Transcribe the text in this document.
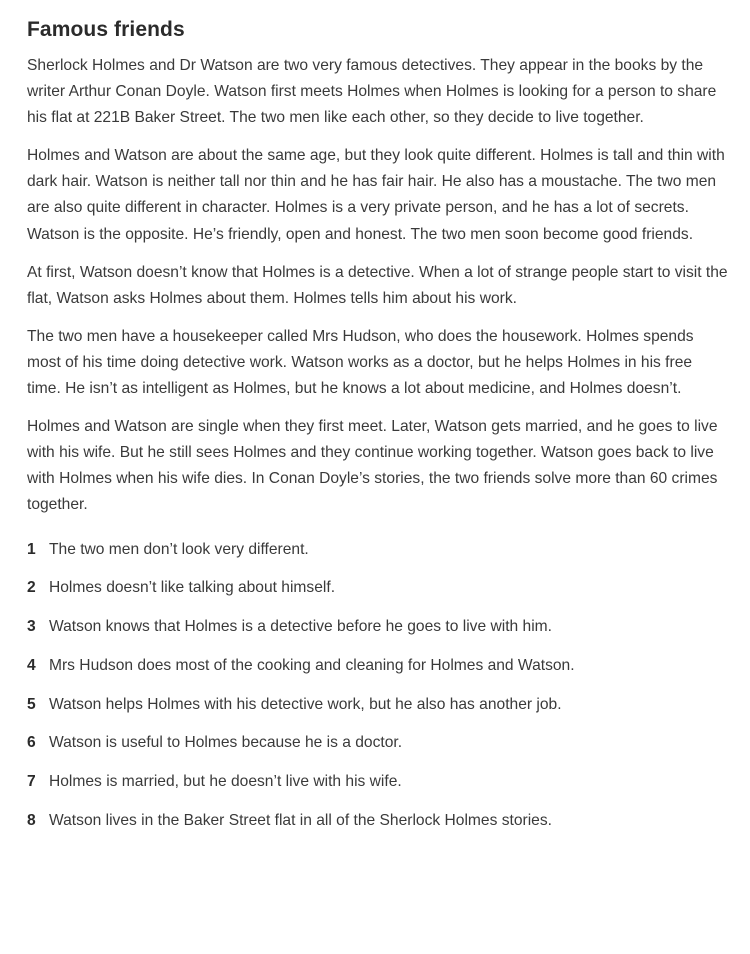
Famous friends

Sherlock Holmes and Dr Watson are two very famous detectives. They appear in the books by the writer Arthur Conan Doyle. Watson first meets Holmes when Holmes is looking for a person to share his flat at 221B Baker Street. The two men like each other, so they decide to live together.

Holmes and Watson are about the same age, but they look quite different. Holmes is tall and thin with dark hair. Watson is neither tall nor thin and he has fair hair. He also has a moustache. The two men are also quite different in character. Holmes is a very private person, and he has a lot of secrets. Watson is the opposite. He’s friendly, open and honest. The two men soon become good friends.

At first, Watson doesn’t know that Holmes is a detective. When a lot of strange people start to visit the flat, Watson asks Holmes about them. Holmes tells him about his work.

The two men have a housekeeper called Mrs Hudson, who does the housework. Holmes spends most of his time doing detective work. Watson works as a doctor, but he helps Holmes in his free time. He isn’t as intelligent as Holmes, but he knows a lot about medicine, and Holmes doesn’t.

Holmes and Watson are single when they first meet. Later, Watson gets married, and he goes to live with his wife. But he still sees Holmes and they continue working together. Watson goes back to live with Holmes when his wife dies. In Conan Doyle’s stories, the two friends solve more than 60 crimes together.

1 The two men don’t look very different.
2 Holmes doesn’t like talking about himself.
3 Watson knows that Holmes is a detective before he goes to live with him.
4 Mrs Hudson does most of the cooking and cleaning for Holmes and Watson.
5 Watson helps Holmes with his detective work, but he also has another job.
6 Watson is useful to Holmes because he is a doctor.
7 Holmes is married, but he doesn’t live with his wife.
8 Watson lives in the Baker Street flat in all of the Sherlock Holmes stories.
